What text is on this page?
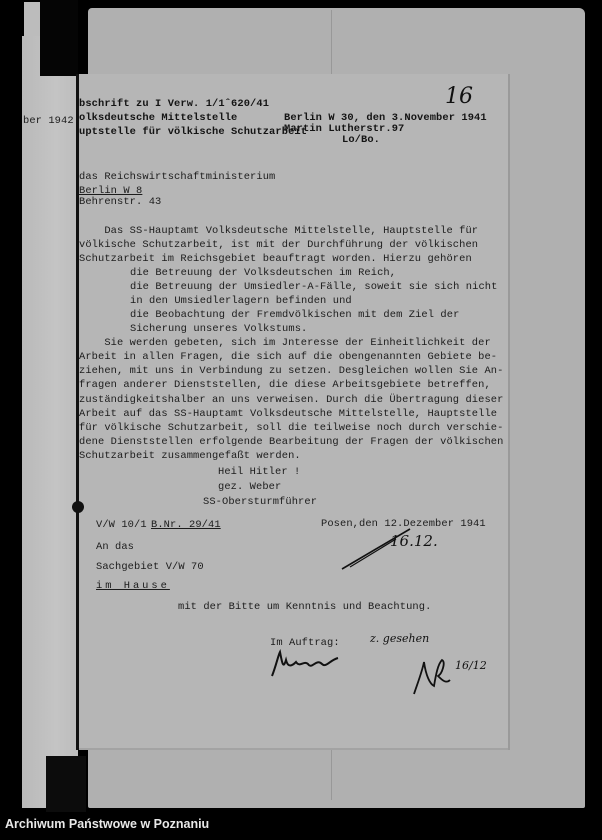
ber 1942
16
bschrift zu I Verw. 1/1ˆ620/41
olksdeutsche Mittelstelle
uptstelle für völkische Schutzarbeit
Berlin W 30, den 3.November 1941
Martin Lutherstr.97
Lo/Bo.
das Reichswirtschaftministerium
Berlin W 8
Behrenstr. 43
Das SS-Hauptamt Volksdeutsche Mittelstelle, Hauptstelle für
völkische Schutzarbeit, ist mit der Durchführung der völkischen
Schutzarbeit im Reichsgebiet beauftragt worden. Hierzu gehören
die Betreuung der Volksdeutschen im Reich,
die Betreuung der Umsiedler-A-Fälle, soweit sie sich nicht
in den Umsiedlerlagern befinden und
die Beobachtung der Fremdvölkischen mit dem Ziel der
Sicherung unseres Volkstums.
Sie werden gebeten, sich im Jnteresse der Einheitlichkeit der
Arbeit in allen Fragen, die sich auf die obengenannten Gebiete be-
ziehen, mit uns in Verbindung zu setzen. Desgleichen wollen Sie An-
fragen anderer Dienststellen, die diese Arbeitsgebiete betreffen,
zuständigkeitshalber an uns verweisen. Durch die Übertragung dieser
Arbeit auf das SS-Hauptamt Volksdeutsche Mittelstelle, Hauptstelle
für völkische Schutzarbeit, soll die teilweise noch durch verschie-
dene Dienststellen erfolgende Bearbeitung der Fragen der völkischen
Schutzarbeit zusammengefaßt werden.
Heil Hitler !
gez. Weber
SS-Obersturmführer
V/W 10/1 B.Nr. 29/41	Posen,den 12.Dezember 1941
An das
Sachgebiet V/W 70
im Hause
mit der Bitte um Kenntnis und Beachtung.
Im Auftrag:
16.12.
z. gesehen
16/12
Archiwum Państwowe w Poznaniu
